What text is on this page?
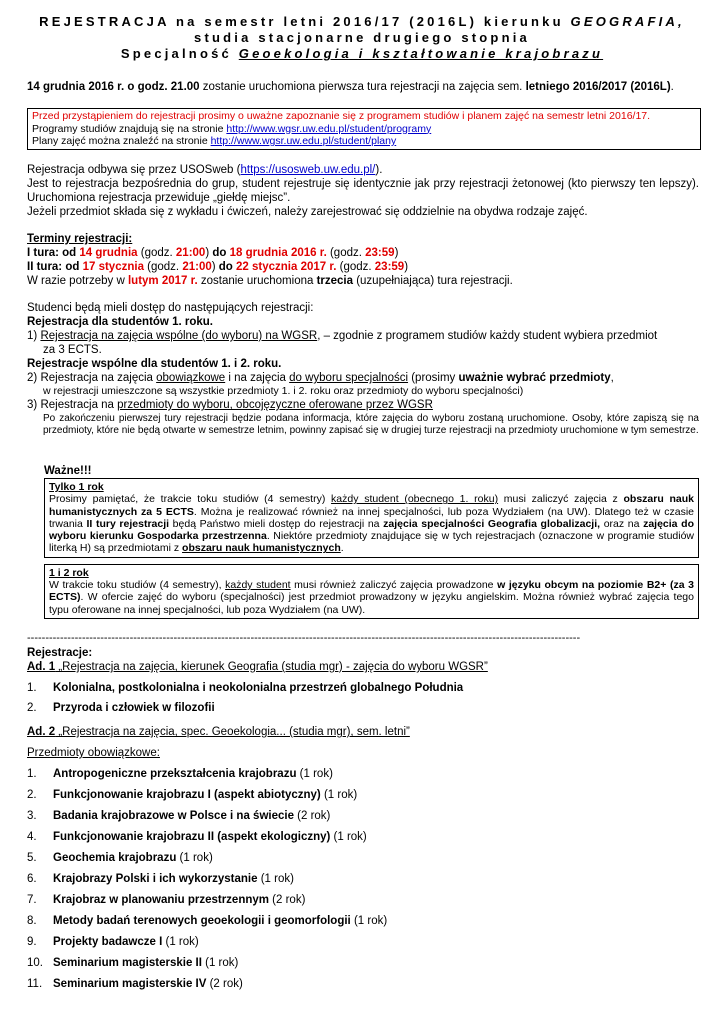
REJESTRACJA na semestr letni 2016/17 (2016L) kierunku GEOGRAFIA,
studia stacjonarne drugiego stopnia
Specjalność Geoekologia i kształtowanie krajobrazu
14 grudnia 2016 r. o godz. 21.00 zostanie uruchomiona pierwsza tura rejestracji na zajęcia sem. letniego 2016/2017 (2016L).
Przed przystąpieniem do rejestracji prosimy o uważne zapoznanie się z programem studiów i planem zajęć na semestr letni 2016/17.
Programy studiów znajdują się na stronie http://www.wgsr.uw.edu.pl/student/programy
Plany zajęć można znaleźć na stronie http://www.wgsr.uw.edu.pl/student/plany
Rejestracja odbywa się przez USOSweb (https://usosweb.uw.edu.pl/).
Jest to rejestracja bezpośrednia do grup, student rejestruje się identycznie jak przy rejestracji żetonowej (kto pierwszy ten lepszy). Uruchomiona rejestracja przewiduje „giełdę miejsc”.
Jeżeli przedmiot składa się z wykładu i ćwiczeń, należy zarejestrować się oddzielnie na obydwa rodzaje zajęć.
Terminy rejestracji:
I tura: od 14 grudnia (godz. 21:00) do 18 grudnia 2016 r. (godz. 23:59)
II tura: od 17 stycznia (godz. 21:00) do 22 stycznia 2017 r. (godz. 23:59)
W razie potrzeby w lutym 2017 r. zostanie uruchomiona trzecia (uzupełniająca) tura rejestracji.
Studenci będą mieli dostęp do następujących rejestracji:
Rejestracja dla studentów 1. roku.
1) Rejestracja na zajęcia wspólne (do wyboru) na WGSR, – zgodnie z programem studiów każdy student wybiera przedmiot
za 3 ECTS.
Rejestracje wspólne dla studentów 1. i 2. roku.
2) Rejestracja na zajęcia obowiązkowe i na zajęcia do wyboru specjalności (prosimy uważnie wybrać przedmioty,
w rejestracji umieszczone są wszystkie przedmioty 1. i 2. roku oraz przedmioty do wyboru specjalności)
3) Rejestracja na przedmioty do wyboru, obcojęzyczne oferowane przez WGSR
Po zakończeniu pierwszej tury rejestracji będzie podana informacja, które zajęcia do wyboru zostaną uruchomione. Osoby, które zapiszą się na przedmioty, które nie będą otwarte w semestrze letnim, powinny zapisać się w drugiej turze rejestracji na przedmioty uruchomione w tym semestrze.
Ważne!!!
Tylko 1 rok
Prosimy pamiętać, że trakcie toku studiów (4 semestry) każdy student (obecnego 1. roku) musi zaliczyć zajęcia z obszaru nauk humanistycznych za 5 ECTS. Można je realizować również na innej specjalności, lub poza Wydziałem (na UW). Dlatego też w czasie trwania II tury rejestracji będą Państwo mieli dostęp do rejestracji na zajęcia specjalności Geografia globalizacji, oraz na zajęcia do wyboru kierunku Gospodarka przestrzenna. Niektóre przedmioty znajdujące się w tych rejestracjach (oznaczone w programie studiów literką H) są przedmiotami z obszaru nauk humanistycznych.
1 i 2 rok
W trakcie toku studiów (4 semestry), każdy student musi również zaliczyć zajęcia prowadzone w języku obcym na poziomie B2+ (za 3 ECTS). W ofercie zajęć do wyboru (specjalności) jest przedmiot prowadzony w języku angielskim. Można również wybrać zajęcia tego typu oferowane na innej specjalności, lub poza Wydziałem (na UW).
-------------------------------------------------------------------------------------------------------------------------------------------------------
Rejestracje:
Ad. 1 „Rejestracja na zajęcia, kierunek Geografia (studia mgr) - zajęcia do wyboru WGSR”
1.	Kolonialna, postkolonialna i neokolonialna przestrzeń globalnego Południa
2.	Przyroda i człowiek w filozofii
Ad. 2 „Rejestracja na zajęcia, spec. Geoekologia... (studia mgr), sem. letni”
Przedmioty obowiązkowe:
1.	Antropogeniczne przekształcenia krajobrazu (1 rok)
2.	Funkcjonowanie krajobrazu I (aspekt abiotyczny) (1 rok)
3.	Badania krajobrazowe w Polsce i na świecie (2 rok)
4.	Funkcjonowanie krajobrazu II (aspekt ekologiczny) (1 rok)
5.	Geochemia krajobrazu (1 rok)
6.	Krajobrazy Polski i ich wykorzystanie (1 rok)
7.	Krajobraz w planowaniu przestrzennym (2 rok)
8.	Metody badań terenowych geoekologii i geomorfologii (1 rok)
9.	Projekty badawcze I (1 rok)
10. Seminarium magisterskie II (1 rok)
11. Seminarium magisterskie IV (2 rok)
